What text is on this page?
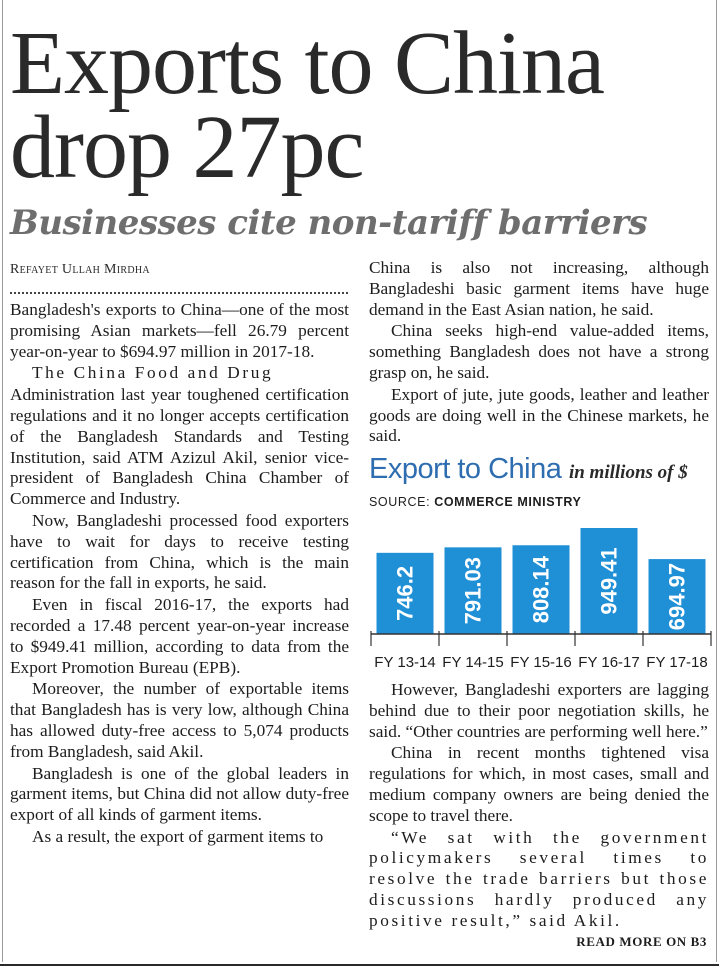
Exports to China drop 27pc
Businesses cite non-tariff barriers
Refayet Ullah Mirdha

Bangladesh's exports to China—one of the most promising Asian markets—fell 26.79 percent year-on-year to $694.97 million in 2017-18.

The China Food and Drug

Administration last year toughened certification regulations and it no longer accepts certification of the Bangladesh Standards and Testing Institution, said ATM Azizul Akil, senior vice-president of Bangladesh China Chamber of Commerce and Industry.

Now, Bangladeshi processed food exporters have to wait for days to receive testing certification from China, which is the main reason for the fall in exports, he said.

Even in fiscal 2016-17, the exports had recorded a 17.48 percent year-on-year increase to $949.41 million, according to data from the Export Promotion Bureau (EPB).

Moreover, the number of exportable items that Bangladesh has is very low, although China has allowed duty-free access to 5,074 products from Bangladesh, said Akil.

Bangladesh is one of the global leaders in garment items, but China did not allow duty-free export of all kinds of garment items.

As a result, the export of garment items to

China is also not increasing, although Bangladeshi basic garment items have huge demand in the East Asian nation, he said.

China seeks high-end value-added items, something Bangladesh does not have a strong grasp on, he said.

Export of jute, jute goods, leather and leather goods are doing well in the Chinese markets, he said.

Export to China in millions of $
SOURCE: COMMERCE MINISTRY
746.2
FY 13-14
791.03
FY 14-15
808.14
FY 15-16
949.41
FY 16-17
694.97
FY 17-18

However, Bangladeshi exporters are lagging behind due to their poor negotiation skills, he said. “Other countries are performing well here.”

China in recent months tightened visa regulations for which, in most cases, small and medium company owners are being denied the scope to travel there.

“We sat with the government policymakers several times to resolve the trade barriers but those discussions hardly produced any positive result,” said Akil.

READ MORE ON B3
